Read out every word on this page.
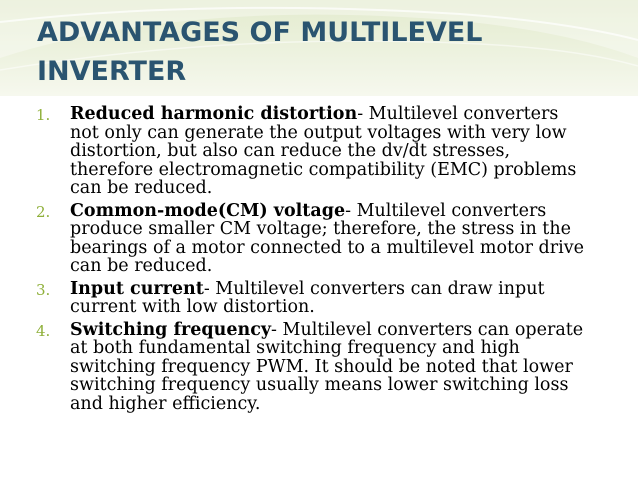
ADVANTAGES OF MULTILEVEL
INVERTER
1. Reduced harmonic distortion- Multilevel converters
not only can generate the output voltages with very low
distortion, but also can reduce the dv/dt stresses,
therefore electromagnetic compatibility (EMC) problems
can be reduced.
2. Common-mode(CM) voltage- Multilevel converters
produce smaller CM voltage; therefore, the stress in the
bearings of a motor connected to a multilevel motor drive
can be reduced.
3. Input current- Multilevel converters can draw input
current with low distortion.
4. Switching frequency- Multilevel converters can operate
at both fundamental switching frequency and high
switching frequency PWM. It should be noted that lower
switching frequency usually means lower switching loss
and higher efficiency.
